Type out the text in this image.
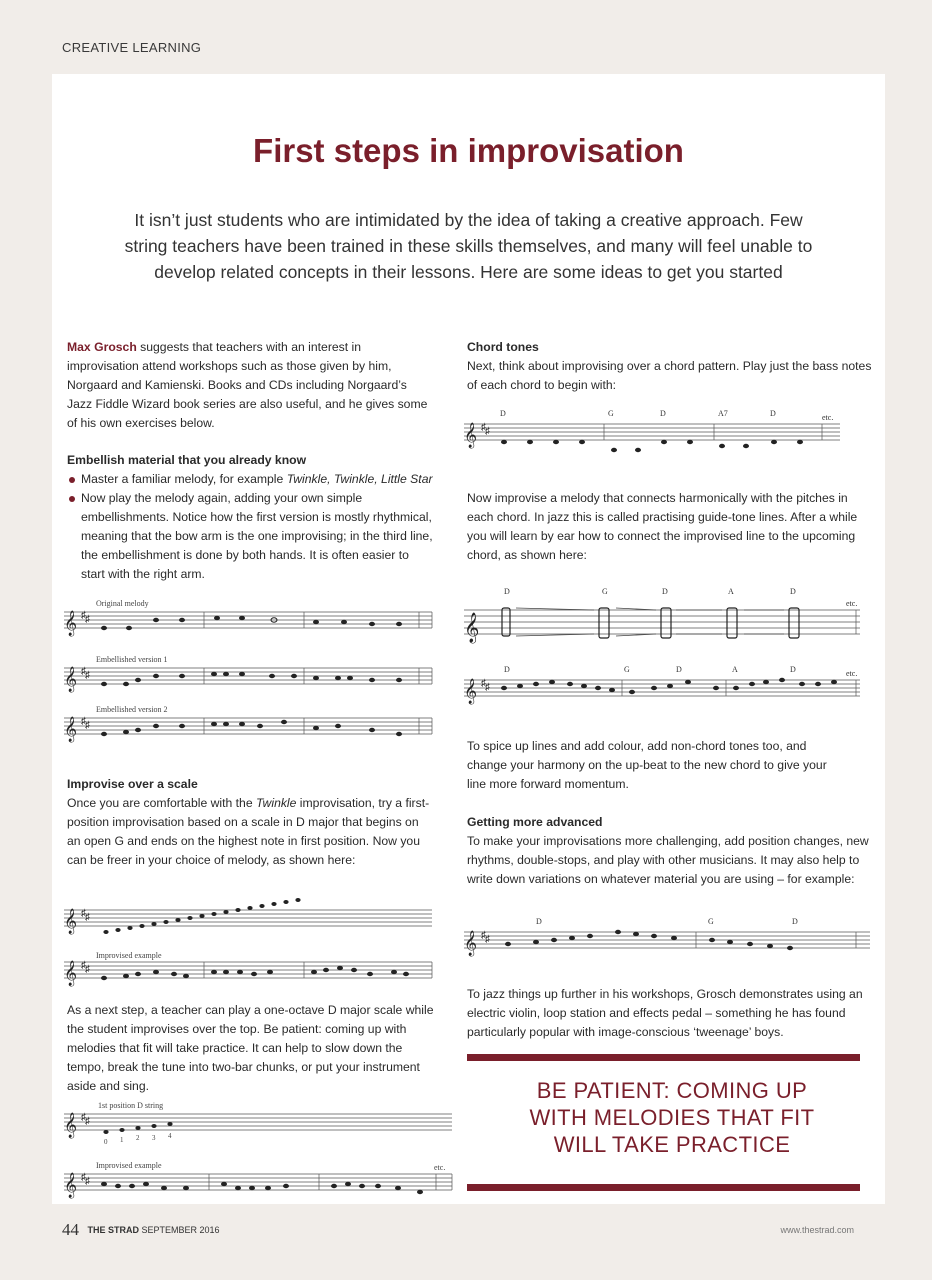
CREATIVE LEARNING
First steps in improvisation
It isn’t just students who are intimidated by the idea of taking a creative approach. Few string teachers have been trained in these skills themselves, and many will feel unable to develop related concepts in their lessons. Here are some ideas to get you started

Max Grosch suggests that teachers with an interest in improvisation attend workshops such as those given by him, Norgaard and Kamienski. Books and CDs including Norgaard’s Jazz Fiddle Wizard book series are also useful, and he gives some of his own exercises below.

Embellish material that you already know

Master a familiar melody, for example Twinkle, Twinkle, Little Star
Now play the melody again, adding your own simple embellishments. Notice how the first version is mostly rhythmical, meaning that the bow arm is the one improvising; in the third line, the embellishment is done by both hands. It is often easier to start with the right arm.
𝄞
𝄞
𝄞
♯ ♯
♯ ♯
♯ ♯
Original melody
Embellished version 1
Embellished version 2

Improvise over a scale

Once you are comfortable with the Twinkle improvisation, try a first-position improvisation based on a scale in D major that begins on an open G and ends on the highest note in first position. Now you can be freer in your choice of melody, as shown here:

𝄞
𝄞
♯ ♯
♯ ♯
Improvised example
As a next step, a teacher can play a one-octave D major scale while the student improvises over the top. Be patient: coming up with melodies that fit will take practice. It can help to slow down the tempo, break the tune into two-bar chunks, or put your instrument aside and sing.
𝄞
𝄞
♯ ♯
♯ ♯
1st position D string
0 1 2 3 4
Improvised example	etc.

Chord tones

Next, think about improvising over a chord pattern. Play just the bass notes of each chord to begin with:

𝄞 ♯ ♯
D	G	D	A7	D	etc.
Now improvise a melody that connects harmonically with the pitches in each chord. In jazz this is called practising guide-tone lines. After a while you will learn by ear how to connect the improvised line to the upcoming chord, as shown here:
𝄞
𝄞 ♯ ♯
D	G	D	A	D
etc.
D	G	D	A	D	etc.
To spice up lines and add colour, add non-chord tones too, and change your harmony on the up-beat to the new chord to give your line more forward momentum.

Getting more advanced

To make your improvisations more challenging, add position changes, new rhythms, double-stops, and play with other musicians. It may also help to write down variations on whatever material you are using – for example:

𝄞 ♯ ♯
D	G	D
To jazz things up further in his workshops, Grosch demonstrates using an electric violin, loop station and effects pedal – something he has found particularly popular with image-conscious ‘tweenage’ boys.
BE PATIENT: COMING UP WITH MELODIES THAT FIT WILL TAKE PRACTICE
44 THE STRAD SEPTEMBER 2016	www.thestrad.com
